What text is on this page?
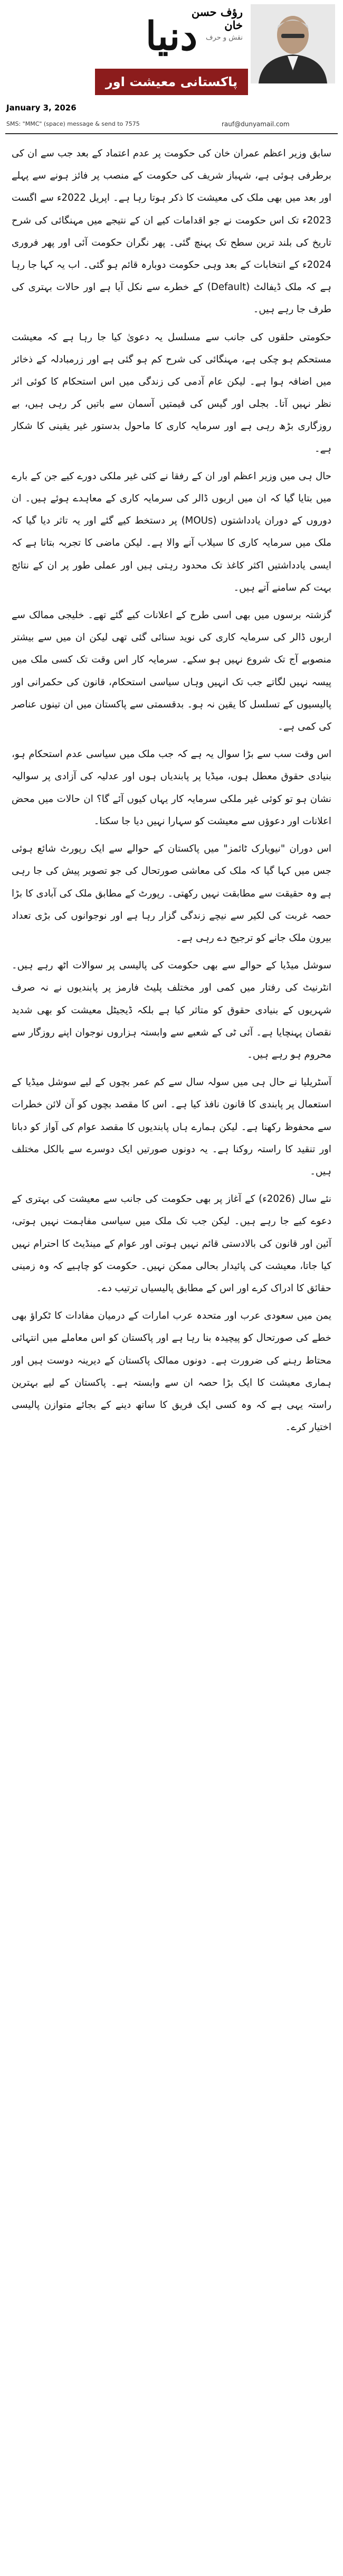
دنیا
رؤف حسن خان
نقش و حرف
پاکستانی معیشت اور شرارت
January 3, 2026
SMS: "MMC" (space) message & send to 7575	rauf@dunyamail.com

سابق وزیر اعظم عمران خان کی حکومت پر عدم اعتماد کے بعد جب سے ان کی برطرفی ہوئی ہے، شہباز شریف کی حکومت کے منصب پر فائز ہونے سے پہلے اور بعد میں بھی ملک کی معیشت کا ذکر ہوتا رہا ہے۔ اپریل 2022ء سے اگست 2023ء تک اس حکومت نے جو اقدامات کیے ان کے نتیجے میں مہنگائی کی شرح تاریخ کی بلند ترین سطح تک پہنچ گئی۔ پھر نگران حکومت آئی اور پھر فروری 2024ء کے انتخابات کے بعد وہی حکومت دوبارہ قائم ہو گئی۔ اب یہ کہا جا رہا ہے کہ ملک ڈیفالٹ (Default) کے خطرے سے نکل آیا ہے اور حالات بہتری کی طرف جا رہے ہیں۔

حکومتی حلقوں کی جانب سے مسلسل یہ دعویٰ کیا جا رہا ہے کہ معیشت مستحکم ہو چکی ہے، مہنگائی کی شرح کم ہو گئی ہے اور زرمبادلہ کے ذخائر میں اضافہ ہوا ہے۔ لیکن عام آدمی کی زندگی میں اس استحکام کا کوئی اثر نظر نہیں آتا۔ بجلی اور گیس کی قیمتیں آسمان سے باتیں کر رہی ہیں، بے روزگاری بڑھ رہی ہے اور سرمایہ کاری کا ماحول بدستور غیر یقینی کا شکار ہے۔

حال ہی میں وزیر اعظم اور ان کے رفقا نے کئی غیر ملکی دورے کیے جن کے بارے میں بتایا گیا کہ ان میں اربوں ڈالر کی سرمایہ کاری کے معاہدے ہوئے ہیں۔ ان دوروں کے دوران یادداشتوں (MOUs) پر دستخط کیے گئے اور یہ تاثر دیا گیا کہ ملک میں سرمایہ کاری کا سیلاب آنے والا ہے۔ لیکن ماضی کا تجربہ بتاتا ہے کہ ایسی یادداشتیں اکثر کاغذ تک محدود رہتی ہیں اور عملی طور پر ان کے نتائج بہت کم سامنے آتے ہیں۔

گزشتہ برسوں میں بھی اسی طرح کے اعلانات کیے گئے تھے۔ خلیجی ممالک سے اربوں ڈالر کی سرمایہ کاری کی نوید سنائی گئی تھی لیکن ان میں سے بیشتر منصوبے آج تک شروع نہیں ہو سکے۔ سرمایہ کار اس وقت تک کسی ملک میں پیسہ نہیں لگاتے جب تک انہیں وہاں سیاسی استحکام، قانون کی حکمرانی اور پالیسیوں کے تسلسل کا یقین نہ ہو۔ بدقسمتی سے پاکستان میں ان تینوں عناصر کی کمی ہے۔

اس وقت سب سے بڑا سوال یہ ہے کہ جب ملک میں سیاسی عدم استحکام ہو، بنیادی حقوق معطل ہوں، میڈیا پر پابندیاں ہوں اور عدلیہ کی آزادی پر سوالیہ نشان ہو تو کوئی غیر ملکی سرمایہ کار یہاں کیوں آئے گا؟ ان حالات میں محض اعلانات اور دعوؤں سے معیشت کو سہارا نہیں دیا جا سکتا۔

اس دوران "نیویارک ٹائمز" میں پاکستان کے حوالے سے ایک رپورٹ شائع ہوئی جس میں کہا گیا کہ ملک کی معاشی صورتحال کی جو تصویر پیش کی جا رہی ہے وہ حقیقت سے مطابقت نہیں رکھتی۔ رپورٹ کے مطابق ملک کی آبادی کا بڑا حصہ غربت کی لکیر سے نیچے زندگی گزار رہا ہے اور نوجوانوں کی بڑی تعداد بیرون ملک جانے کو ترجیح دے رہی ہے۔

سوشل میڈیا کے حوالے سے بھی حکومت کی پالیسی پر سوالات اٹھ رہے ہیں۔ انٹرنیٹ کی رفتار میں کمی اور مختلف پلیٹ فارمز پر پابندیوں نے نہ صرف شہریوں کے بنیادی حقوق کو متاثر کیا ہے بلکہ ڈیجیٹل معیشت کو بھی شدید نقصان پہنچایا ہے۔ آئی ٹی کے شعبے سے وابستہ ہزاروں نوجوان اپنے روزگار سے محروم ہو رہے ہیں۔

آسٹریلیا نے حال ہی میں سولہ سال سے کم عمر بچوں کے لیے سوشل میڈیا کے استعمال پر پابندی کا قانون نافذ کیا ہے۔ اس کا مقصد بچوں کو آن لائن خطرات سے محفوظ رکھنا ہے۔ لیکن ہمارے ہاں پابندیوں کا مقصد عوام کی آواز کو دبانا اور تنقید کا راستہ روکنا ہے۔ یہ دونوں صورتیں ایک دوسرے سے بالکل مختلف ہیں۔

نئے سال (2026ء) کے آغاز پر بھی حکومت کی جانب سے معیشت کی بہتری کے دعوے کیے جا رہے ہیں۔ لیکن جب تک ملک میں سیاسی مفاہمت نہیں ہوتی، آئین اور قانون کی بالادستی قائم نہیں ہوتی اور عوام کے مینڈیٹ کا احترام نہیں کیا جاتا، معیشت کی پائیدار بحالی ممکن نہیں۔ حکومت کو چاہیے کہ وہ زمینی حقائق کا ادراک کرے اور اس کے مطابق پالیسیاں ترتیب دے۔

یمن میں سعودی عرب اور متحدہ عرب امارات کے درمیان مفادات کا ٹکراؤ بھی خطے کی صورتحال کو پیچیدہ بنا رہا ہے اور پاکستان کو اس معاملے میں انتہائی محتاط رہنے کی ضرورت ہے۔ دونوں ممالک پاکستان کے دیرینہ دوست ہیں اور ہماری معیشت کا ایک بڑا حصہ ان سے وابستہ ہے۔ پاکستان کے لیے بہترین راستہ یہی ہے کہ وہ کسی ایک فریق کا ساتھ دینے کے بجائے متوازن پالیسی اختیار کرے۔
